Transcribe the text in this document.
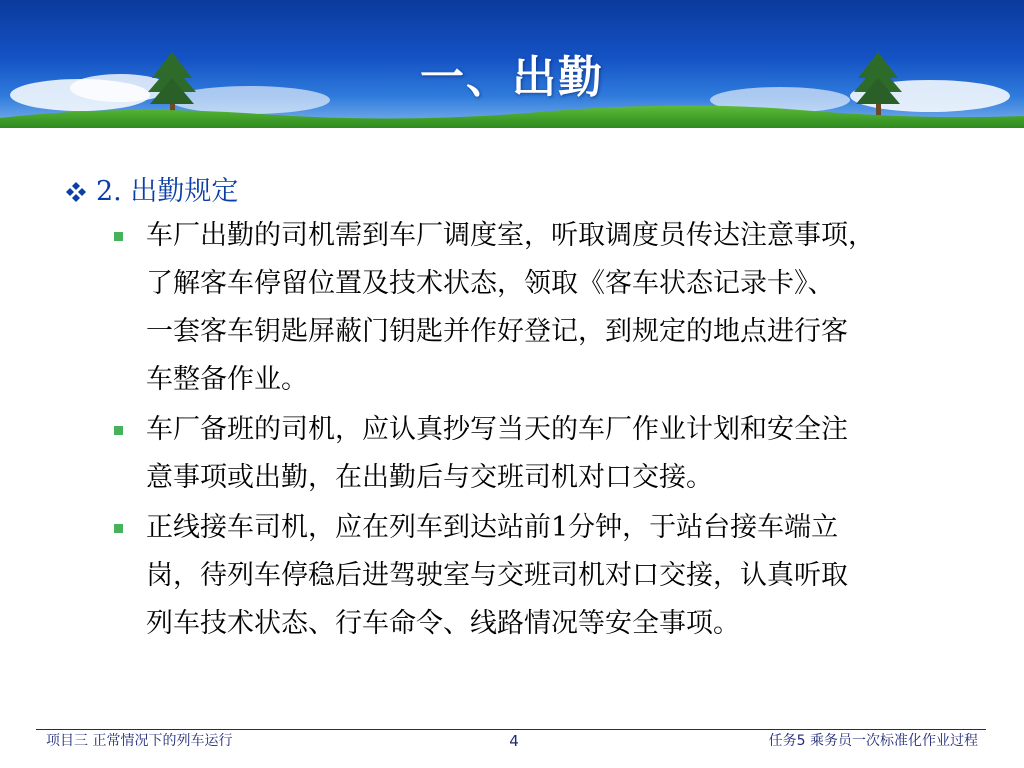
一、出勤
2. 出勤规定
车厂出勤的司机需到车厂调度室，听取调度员传达注意事项，
了解客车停留位置及技术状态，领取《客车状态记录卡》、
一套客车钥匙屏蔽门钥匙并作好登记，到规定的地点进行客
车整备作业。
车厂备班的司机，应认真抄写当天的车厂作业计划和安全注
意事项或出勤，在出勤后与交班司机对口交接。
正线接车司机，应在列车到达站前1分钟，于站台接车端立
岗，待列车停稳后进驾驶室与交班司机对口交接，认真听取
列车技术状态、行车命令、线路情况等安全事项。
项目三 正常情况下的列车运行	4	任务5 乘务员一次标准化作业过程
